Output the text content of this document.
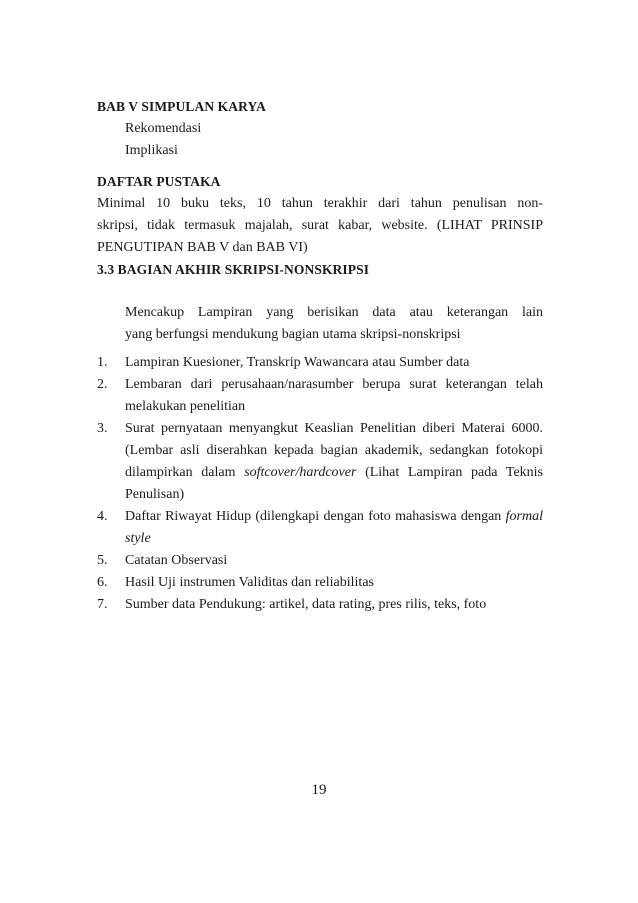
BAB V SIMPULAN KARYA
Rekomendasi
Implikasi
DAFTAR PUSTAKA
Minimal 10 buku teks, 10 tahun terakhir dari tahun penulisan non-
skripsi, tidak termasuk majalah, surat kabar, website. (LIHAT PRINSIP
PENGUTIPAN BAB V dan BAB VI)
3.3 BAGIAN AKHIR SKRIPSI-NONSKRIPSI
Mencakup Lampiran yang berisikan data atau keterangan lain
yang berfungsi mendukung bagian utama skripsi-nonskripsi
1. Lampiran Kuesioner, Transkrip Wawancara atau Sumber data
2. Lembaran dari perusahaan/narasumber berupa surat keterangan telah melakukan penelitian
3. Surat pernyataan menyangkut Keaslian Penelitian diberi Materai 6000. (Lembar asli diserahkan kepada bagian akademik, sedangkan fotokopi dilampirkan dalam softcover/hardcover (Lihat Lampiran pada Teknis Penulisan)
4. Daftar Riwayat Hidup (dilengkapi dengan foto mahasiswa dengan formal style
5. Catatan Observasi
6. Hasil Uji instrumen Validitas dan reliabilitas
7. Sumber data Pendukung: artikel, data rating, pres rilis, teks, foto
19
